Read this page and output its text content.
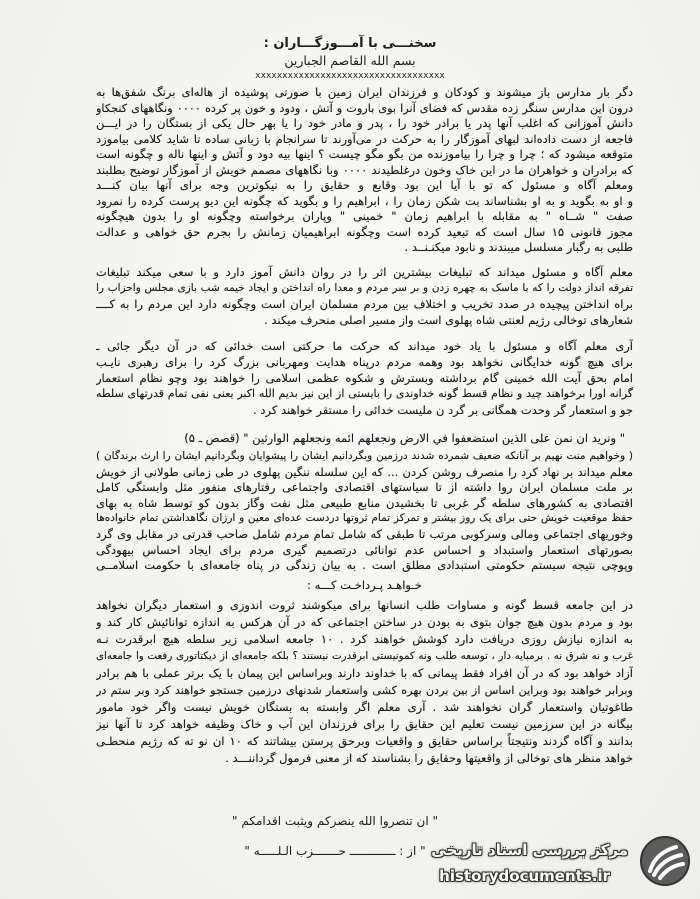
سخنـــی با آمـــوزگـــاران :
بسم الله القاصم الجبارين
xxxxxxxxxxxxxxxxxxxxxxxxxxxxxxxxxxx
دگر بار مدارس باز میشوند و کودکان و فرزندان ایران زمین با صورتی پوشیده از هاله‌ای برنگ شفق‌ها به
درون این مدارس سنگر زده مقدس که فضای آنرا بوی باروت و آتش ، ودود و خون پر کرده ۰۰۰۰ ونگاههای کنجکاو
دانش آموزانی که اغلب آنها پدر یا برادر خود را ، پدر و مادر خود را یا بهر حال یکی از بستگان را در ایـــن
فاجعه از دست داده‌اند لبهای آموزگار را به حرکت در می‌آورند تا سرانجام با زبانی ساده تا شاید کلامی بیاموزد
متوقعه میشود که ؛ چرا و چرا را بیاموزنده من بگو مگو چیست ؟ اینها بیه دود و آتش و اینها ناله و چگونه است
که برادران و خواهران ما در این خاک وخون درغلطیدند ۰۰۰۰ وبا نگاههای مصمم خویش از آموزگار توضیح بطلبند
ومعلم آگاه و مسئول که تو با آیا این بود وقایع و حقایق را به نیکوترین وجه برای آنها بیان کنـــد
و او به بگوید و به او بشناساند بت شکن زمان را ، ابراهیم را و بگوید که چگونه این دیو پرست کرده را نمرود
صفت " شــاه " به مقابله با ابراهیم زمان " خمینی " وپاران برخواسته وچگونه او را بدون هیچگونه
مجوز قانونی ۱۵ سال است که تبعید کرده است وچگونه ابراهیمیان زمانش را بجرم حق خواهی و عدالت
طلبی به رگبار مسلسل میبندند و نابود میکنـنــد .
معلم آگاه و مسئول میداند که تبلیغات بیشترین اثر را در روان دانش آموز دارد و با سعی میکند تبلیغات
تفرقه انداز دولت را که با ماسک به چهره زدن و بر سر مردم و معدا راه انداختن و ایجاد خیمه شب بازی مجلس واحزاب را
براه انداختن پیچیده در صدد تخریب و اختلاف بین مردم مسلمان ایران است وچگونه دارد این مردم را به کــــ
شعارهای توخالی رژیم لعنتی شاه پهلوی است واز مسیر اصلی منحرف میکند .
آری معلم آگاه و مسئول با یاد خود میداند که حرکت ما حرکتی است خدائی که در آن دیگر جائی ـ
برای هیچ گونه خدایگانی نخواهد بود وهمه مردم درپناه هدایت ومهربانی بزرگ کرد را برای رهبری نایـب
امام بحق آیت الله خمینی گام برداشته وبسترش و شکوه عظمی اسلامی را خواهند بود وچو نظام استعمار
گرانه اورا برخواهند چید و نظام قسط گونه خداوندی را بایستی از این نیز بدیم الله اکبر یعنی نفی تمام قدرتهای سلطه
جو و استعمار گر وحدت همگانی بر گرد ن ملیست خدائی را مستقر خواهند کرد .
" ونريد ان نمن على الذين استضعفوا في الارض ونجعلهم ائمه ونجعلهم الوارثين " (قصص ـ ۵)
( وخواهیم منت نهیم بر آنانکه ضعیف شمرده شدند درزمین وبگردانیم ایشان را پیشوایان وبگردانیم ایشان را ارث برندگان )
معلم میداند بر نهاد کرد را منصرف روشن کردن ... که این سلسله ننگین پهلوی در طی زمانی طولانی از خویش
بر ملت مسلمان ایران روا داشته از تا سیاستهای اقتصادی واجتماعی رفتارهای منفور مثل وابستگی کامل
اقتصادی به کشورهای سلطه گر غربی تا بخشیدن منابع طبیعی مثل نفت وگاز بدون کو توسط شاه به بهای
حفظ موقعیت خویش حتی برای یک روز بیشتر و تمرکز تمام ثروتها دردست عده‌ای معین و ارزان نگاهداشتن تمام خانواده‌ها
وخوریهای اجتماعی ومالی وسرکوبی مرتب تا طبقی که شامل تمام مردم شامل صاحب قدرتی در مقابل وی گرد
بصورتهای استعمار واستبداد و احساس عدم توانائی درتصمیم گیری مردم برای ایجاد احساس بیهودگی
وپوچی نتیجه سیستم حکومتی استبدادی مطلق است . به بیان زندگی در پناه جامعه‌ای با حکومت اسلامــی
خـواهـد پـرداخـت کـــه :
در این جامعه قسط گونه و مساوات طلب انسانها برای میکوشند ثروت اندوزی و استعمار دیگران نخواهد
بود و مردم بدون هیچ جوان بتوی به بودن در ساختن اجتماعی که در آن هرکس به اندازه توانائیش کار کند و
به اندازه نیازش روزی دریافت دارد کوشش خواهند کرد . ۱۰ جامعه اسلامی زیر سلطه هیچ ابرقدرت نـه
غرب و نه شرق نه . برمبایه دار ، توسعه طلب ونه کمونیستی ابرقدرت نیستند ؟ بلکه جامعه‌ای از دیکتاتوری رفعت وا جامعه‌ای
آزاد خواهد بود که در آن افراد فقط پیمانی که با خداوند دارند وبراساس این پیمان با یک برتر عملی با هم برادر
وبرابر خواهند بود وبراین اساس از بین بردن بهره کشی واستعمار شدنهای درزمین جستجو خواهند کرد وبر ستم در
طاغوتیان واستعمار گران نخواهند شد . آری معلم اگر وابسته به بستگان خویش نیست واگر خود مامور
بیگانه در این سرزمین نیست تعلیم این حقایق را برای فرزندان این آب و خاک وظیفه خواهد کرد تا آنها نیز
بدانند و آگاه گردند ونتیجتاً براساس حقایق و واقعیات وبرحق پرستن بیشاتند که ۱۰ ان نو ته که رژیم منحطـی
خواهد منظر های توخالی از واقعیتها وحقایق را بشناسند که از معنی فرمول گرداننـــد .
" ان تنصروا الله ينصركم ويثبت اقدامكم "
" از : ـــــــــــــ حـــــــزب الـلـــــه " مرکز بررسی اسناد تاریخی
historydocuments.ir
